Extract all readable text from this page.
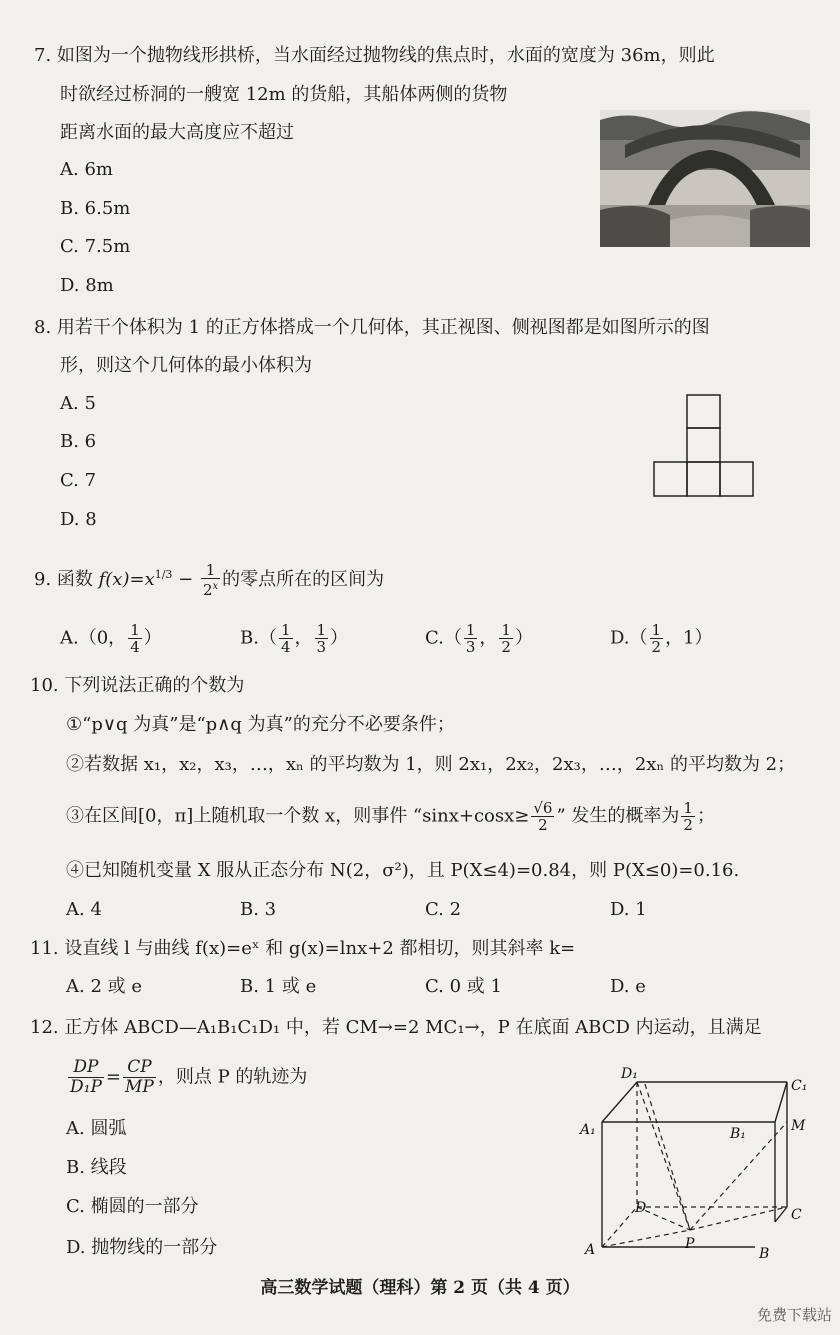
7. 如图为一个抛物线形拱桥，当水面经过抛物线的焦点时，水面的宽度为 36m，则此
时欲经过桥洞的一艘宽 12m 的货船，其船体两侧的货物
距离水面的最大高度应不超过
A. 6m
B. 6.5m
C. 7.5m
D. 8m
8. 用若干个体积为 1 的正方体搭成一个几何体，其正视图、侧视图都是如图所示的图
形，则这个几何体的最小体积为
A. 5
B. 6
C. 7
D. 8
9. 函数 $f(x)=x^{1/3} - \frac{1}{2^x}$ 的零点所在的区间为
A.（0， $\frac{1}{4}$ ）	$B.( \frac{1}{4}$ ， $\frac{1}{3}$ ）	$C.( \frac{1}{3}$ ， $\frac{1}{2}$ ）	$D.( \frac{1}{2}$ ，1）
10. 下列说法正确的个数为
①“p∨q 为真”是“p∧q 为真”的充分不必要条件；
②若数据 x₁，x₂，x₃，…，xₙ 的平均数为 1，则 2x₁，2x₂，2x₃，…，2xₙ 的平均数为 2；
③在区间[0，π]上随机取一个数 x，则事件 “$\sin x+\cos x\ge \frac{√6}{2}$ ” 发生的概率为 $\frac{1}{2}$ ；
④已知随机变量 X 服从正态分布 N(2，σ²)，且 P(X≤4)=0.84，则 P(X≤0)=0.16.
A. 4	B. 3	C. 2	D. 1
11. 设直线 l 与曲线 f(x)=eˣ 和 g(x)=lnx+2 都相切，则其斜率 k=
A. 2 或 e	B. 1 或 e	C. 0 或 1	D. e
12. 正方体 ABCD—A₁B₁C₁D₁ 中，若 CM→=2 MC₁→，P 在底面 ABCD 内运动，且满足
$\frac{DP}{\text{D₁P}} = \frac{CP}{MP}$ ，则点 P 的轨迹为
A. 圆弧
B. 线段
C. 椭圆的一部分
D. 抛物线的一部分
D₁
C₁
A₁	B₁	M
D	C
P
A	B
高三数学试题（理科）第 2 页（共 4 页）
免费下载站
